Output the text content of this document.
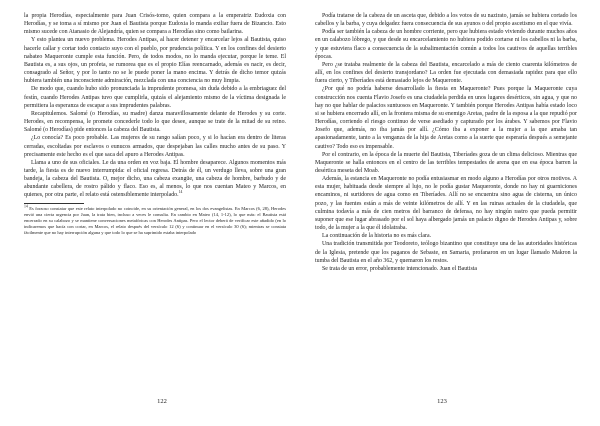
la propia Herodías, especialmente para Juan Crisós-tomo, quien compara a la emperatriz Eudoxia con Herodías, y se toma a sí mismo por Juan el Bautista porque Eudoxia lo manda exiliar fuera de Bizancio. Esto mismo sucede con Atanasio de Alejandría, quien se compara a Herodías sino como bailarina.

Y esto plantea un nuevo problema. Herodes Antipas, al hacer detener y encarcelar lejos al Bautista, quiso hacerle callar y cortar todo contacto suyo con el pueblo, por prudencia política. Y en los confines del desierto nabateo Maqueronte cumple esta función. Pero, de todos modos, no lo manda ejecutar, porque le teme. El Bautista es, a sus ojos, un profeta, se rumorea que es el propio Elías reencarnado, además es nacir, es decir, consagrado al Señor, y por lo tanto no se le puede poner la mano encima. Y detrás de dicho temor quizás hubiera también una inconsciente admiración, mezclada con una conciencia no muy limpia.

De modo que, cuando hubo sido pronunciada la imprudente promesa, sin duda debido a la embriaguez del festín, cuando Herodes Antipas tuvo que cumplirla, quizás el alejamiento mismo de la víctima designada le permitiera la esperanza de escapar a sus imprudentes palabras.

Recapitulemos. Salomé (o Herodías, su madre) danza maravillosamente delante de Herodes y su corte. Herodes, en recompensa, le promete concederle todo lo que desee, aunque se trate de la mitad de su reino. Salomé (o Herodías) pide entonces la cabeza del Bautista.

¿Lo conocía? Es poco probable. Las mujeres de su rango salían poco, y si lo hacían era dentro de literas cerradas, escoltadas por esclavos o eunucos armados, que despejaban las calles mucho antes de su paso. Y precisamente este hecho es el que saca del apuro a Herodes Antipas.

Llama a uno de sus oficiales. Le da una orden en voz baja. El hombre desaparece. Algunos momentos más tarde, la fiesta es de nuevo interrumpida: el oficial regresa. Detrás de él, un verdugo lleva, sobre una gran bandeja, la cabeza del Bautista. O, mejor dicho, una cabeza exangüe, una cabeza de hombre, barbudo y de abundante cabellera, de rostro pálido y flaco. Eso es, al menos, lo que nos cuentan Mateo y Marcos, en quienes, por otra parte, el relato está ostensiblemente interpolado.$^{14}$

$^{14}$ Es forzoso constatar que este relato interpolado no coincide, en su orientación general, en los dos evangelistas. En Marcos (6, 28), Herodes envió una cierta urgencia por Juan, la trata bien, incluso a veces le consulta. En cambio en Mateo (14, 1-12), lo que más: el Bautista está encerrado en su calabozo y se mantiene conversaciones metafóricas con Herodes Antipas. Pero el lector deberá de verificar este añadido (en lo indicaremos que hacía con cortar, en Marcos, el relato después del versículo 12 (6) y continuar en el versículo 30 (6); mientras se constata fácilmente que no hay interrupción alguna y que todo lo que se ha suprimido estaba interpolado

122

Podía tratarse de la cabeza de un asceta que, debido a los votos de su nazirato, jamás se hubiera cortado los cabellos y la barba, y cuya delgadez fuera consecuencia de sus ayunos o del propio ascetismo en el que vivía.

Podía ser también la cabeza de un hombre corriente, pero que hubiera estado viviendo durante muchos años en un calabozo lóbrego, y que desde su encarcelamiento no hubiera podido cortarse ni los cabellos ni la barba, y que estuviera flaco a consecuencia de la subalimentación común a todos los cautivos de aquellas terribles épocas.

Pero ¿se trataba realmente de la cabeza del Bautista, encarcelado a más de ciento cuarenta kilómetros de allí, en los confines del desierto transjordano? La orden fue ejecutada con demasiada rapidez para que ello fuera cierto, y Tiberíades está demasiado lejos de Maqueronte.

¿Por qué no podría haberse desarrollado la fiesta en Maqueronte? Pues porque la Maqueronte cuya construcción nos cuenta Flavio Josefo es una ciudadela perdida en unos lugares desérticos, sin agua, y que no hay no que hablar de palacios suntuosos en Maqueronte. Y también porque Herodes Antipas había estado loco si se hubiera encerrado allí, en la frontera misma de su enemigo Aretas, padre de la esposa a la que repudió por Herodías, corriendo el riesgo continuo de verse asediado y capturado por los árabes. Y sabemos por Flavio Josefo que, además, no iba jamás por allí. ¿Cómo iba a exponer a la mujer a la que amaba tan apasionadamente, tanto a la venganza de la hija de Aretas como a la suerte que esperaría después a semejante cautivo? Todo eso es impensable.

Por el contrario, en la época de la muerte del Bautista, Tiberíades goza de un clima delicioso. Mientras que Maqueronte se halla entonces en el centro de las terribles tempestades de arena que en esa época barren la desértica meseta del Moab.

Además, la estancia en Maqueronte no podía entusiasmar en modo alguno a Herodías por otros motivos. A esta mujer, habituada desde siempre al lujo, no le podía gustar Maqueronte, donde no hay ni guarniciones encaminos, ni surtidores de agua como en Tiberíades. Allí no se encuentra sino agua de cisterna, un único pozo, y las fuentes están a más de veinte kilómetros de allí. Y en las ruinas actuales de la ciudadela, que culmina todavía a más de cien metros del barranco de defensa, no hay ningún rastro que pueda permitir suponer que ese lugar abrasado por el sol haya albergado jamás un palacio digno de Herodes Antipas y, sobre todo, de la mujer a la que él idolatraba.

La continuación de la historia no es más clara.

Una tradición transmitida por Teodoreto, teólogo bizantino que constituye una de las autoridades históricas de la Iglesia, pretende que los paganos de Sebaste, en Samaria, profanaron en un lugar llamado Makron la tumba del Bautista en el año 362, y quemaron los restos.

Se trata de un error, probablemente intencionado. Juan el Bautista

123
